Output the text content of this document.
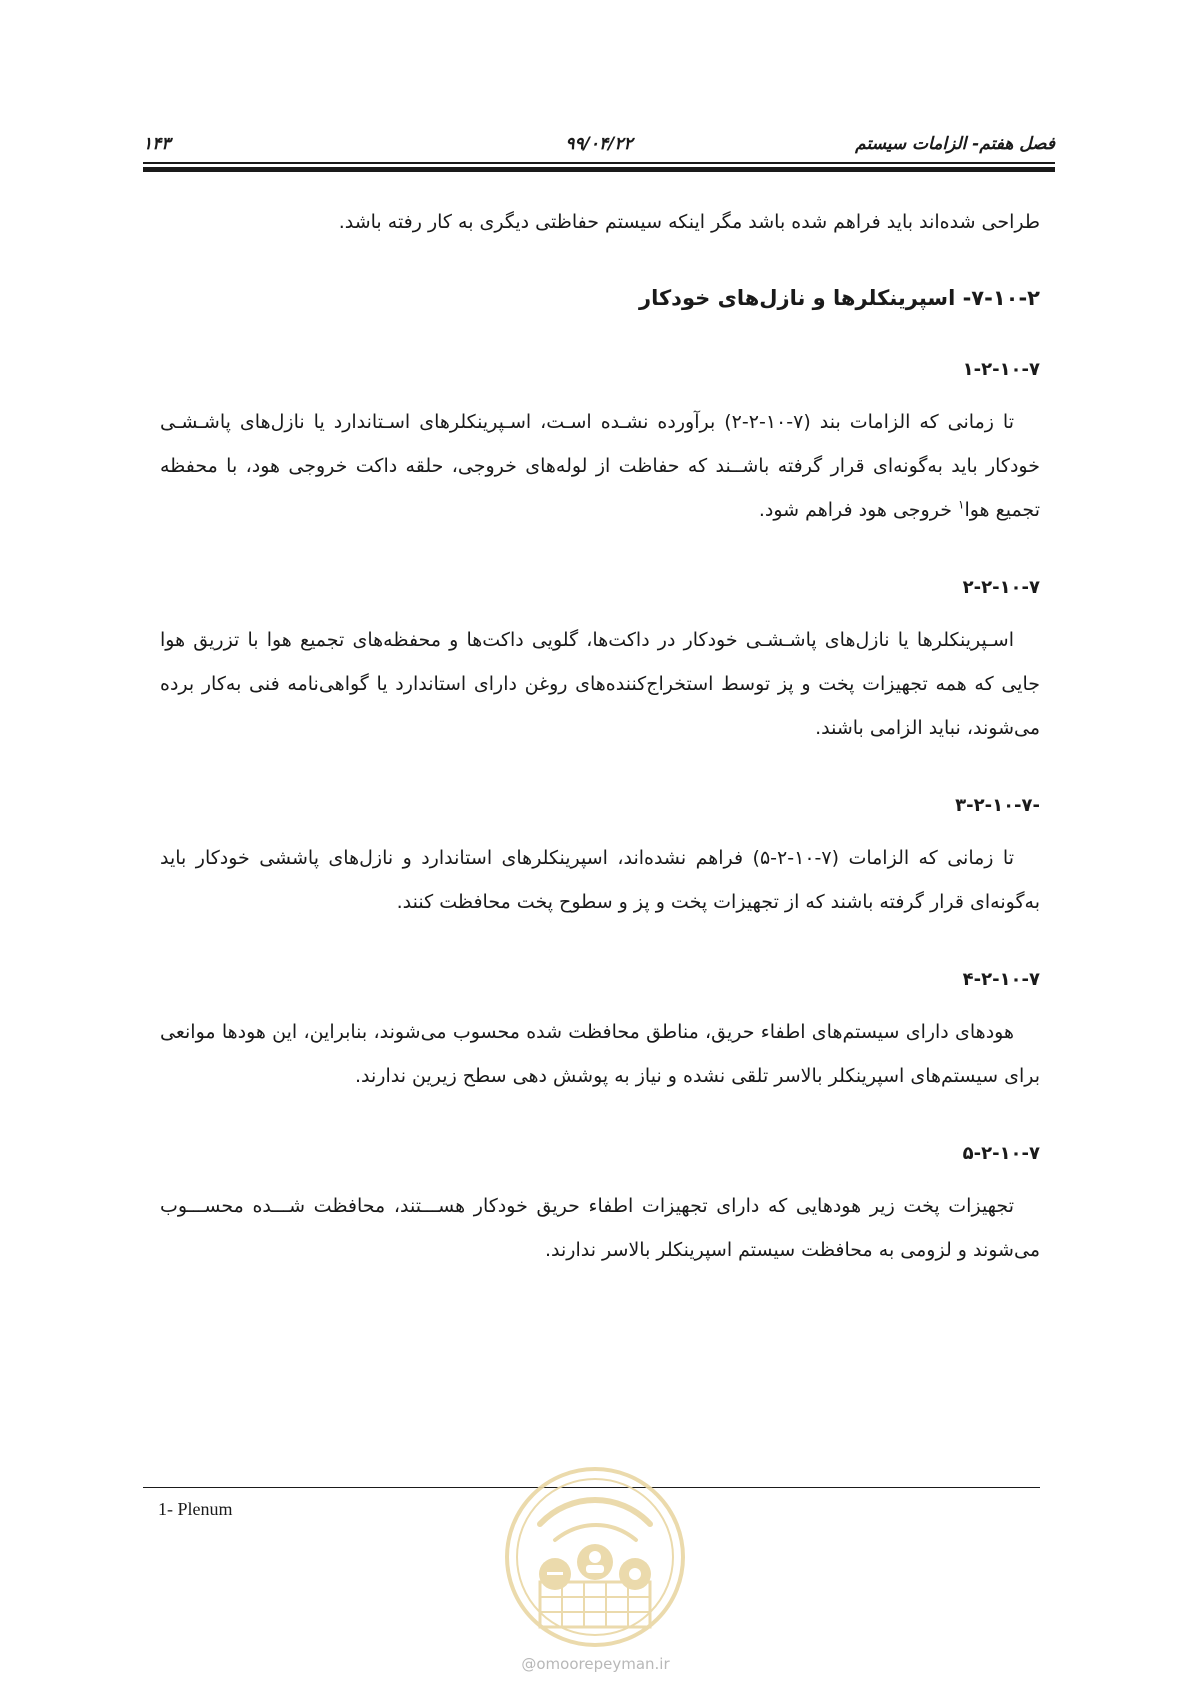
فصل هفتم- الزامات سیستم
۹۹/۰۴/۲۲
۱۴۳

طراحی شده‌اند باید فراهم شده باشد مگر اینکه سیستم حفاظتی دیگری به کار رفته باشد.

۷-۱۰-۲- اسپرینکلرها و نازل‌های خودکار
۱-۲-۱۰-۷

تا زمانی که الزامات بند (۷-۱۰-۲-۲) برآورده نشـده اسـت، اسـپرینکلرهای اسـتاندارد یا نازل‌های پاشـشـی خودکار باید به‌گونه‌ای قرار گرفته باشــند که حفاظت از لوله‌های خروجی، حلقه داکت خروجی هود، با محفظه تجمیع هوا$^۱$ خروجی هود فراهم شود.

۲-۲-۱۰-۷

اسـپرینکلرها یا نازل‌های پاشـشـی خودکار در داکت‌ها، گلویی داکت‌ها و محفظه‌های تجمیع هوا با تزریق هوا جایی که همه تجهیزات پخت و پز توسط استخراج‌کننده‌های روغن دارای استاندارد یا گواهی‌نامه فنی به‌کار برده می‌شوند، نباید الزامی باشند.

-۳-۲-۱۰-۷

تا زمانی که الزامات (۷-۱۰-۲-۵) فراهم نشده‌اند، اسپرینکلرهای استاندارد و نازل‌های پاششی خودکار باید به‌گونه‌ای قرار گرفته باشند که از تجهیزات پخت و پز و سطوح پخت محافظت کنند.

۴-۲-۱۰-۷

هودهای دارای سیستم‌های اطفاء حریق، مناطق محافظت شده محسوب می‌شوند، بنابراین، این هودها موانعی برای سیستم‌های اسپرینکلر بالاسر تلقی نشده و نیاز به پوشش دهی سطح زیرین ندارند.

۵-۲-۱۰-۷

تجهیزات پخت زیر هودهایی که دارای تجهیزات اطفاء حریق خودکار هســـتند، محافظت شـــده محســـوب می‌شوند و لزومی به محافظت سیستم اسپرینکلر بالاسر ندارند.

1- Plenum
@omoorepeyman.ir
